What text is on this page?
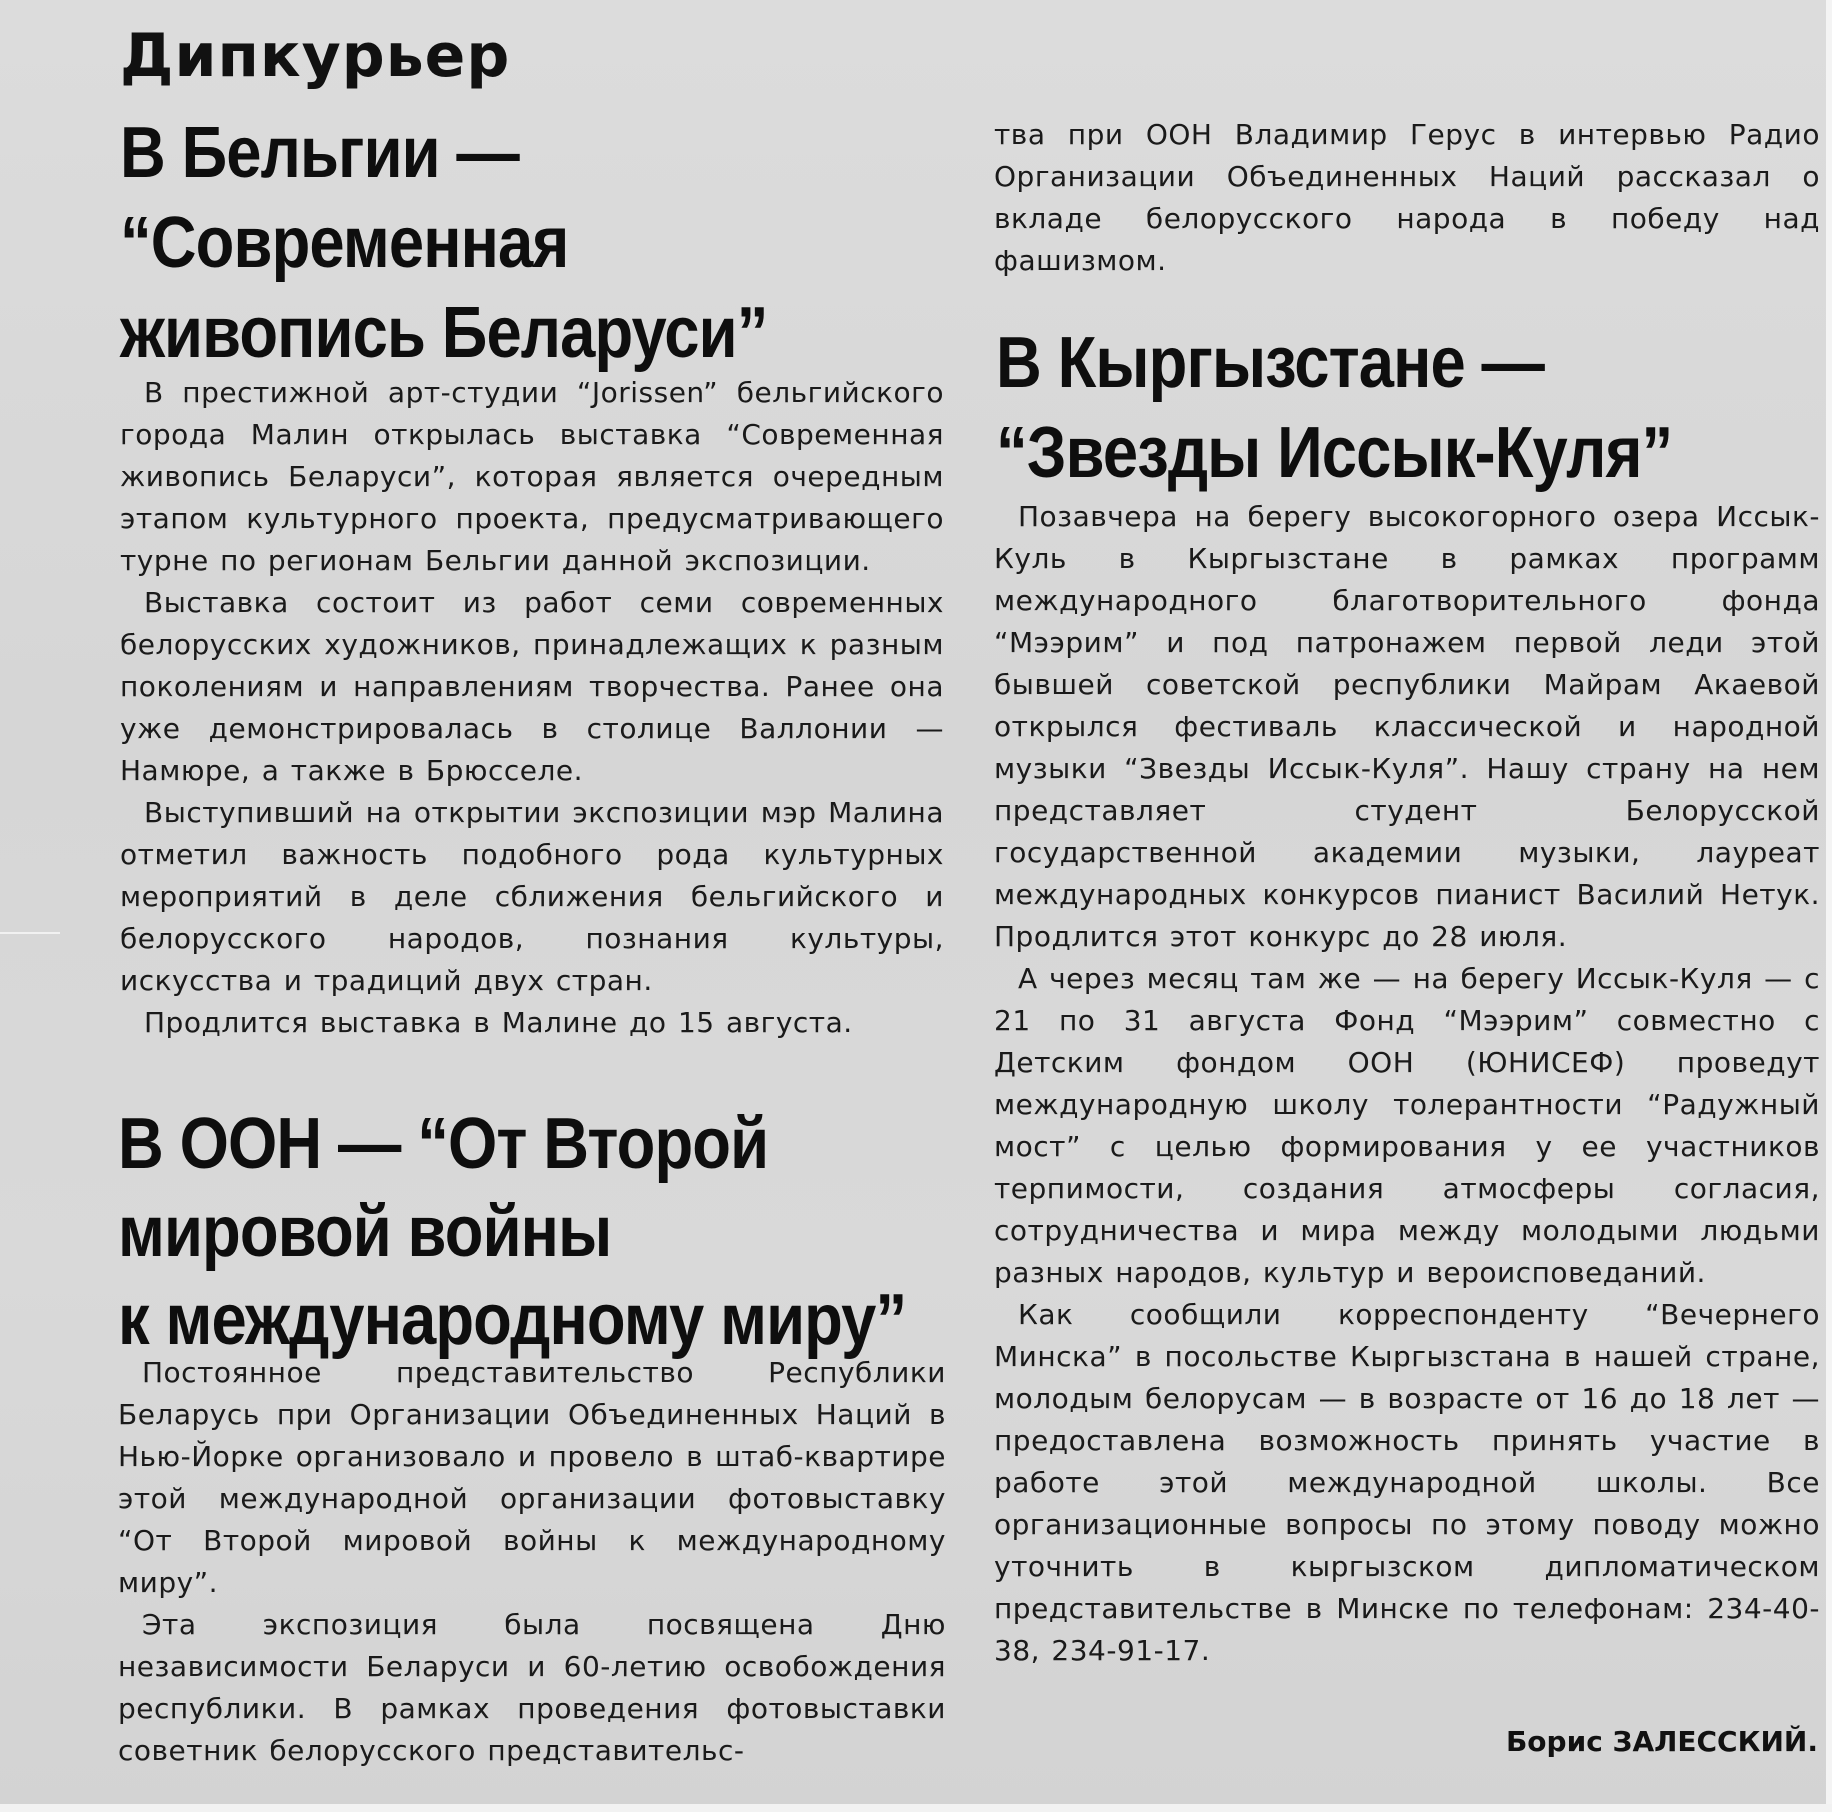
Дипкурьер
В Бельгии —
“Современная
живопись Беларуси”

В престижной арт-студии “Jorissen” бельгийского города Малин открылась выставка “Современная живопись Беларуси”, которая является очередным этапом культурного проекта, предусматривающего турне по регионам Бельгии данной экспозиции.

Выставка состоит из работ семи современных белорусских художников, принадлежащих к разным поколениям и направлениям творчества. Ранее она уже демонстрировалась в столице Валлонии — Намюре, а также в Брюсселе.

Выступивший на открытии экспозиции мэр Малина отметил важность подобного рода культурных мероприятий в деле сближения бельгийского и белорусского народов, познания культуры, искусства и традиций двух стран.

Продлится выставка в Малине до 15 августа.

В ООН — “От Второй
мировой войны
к международному миру”

Постоянное представительство Республики Беларусь при Организации Объединенных Наций в Нью-Йорке организовало и провело в штаб-квартире этой международной организации фотовыставку “От Второй мировой войны к международному миру”.

Эта экспозиция была посвящена Дню независимости Беларуси и 60-летию освобождения республики. В рамках проведения фотовыставки советник белорусского представительс-

тва при ООН Владимир Герус в интервью Радио Организации Объединенных Наций рассказал о вкладе белорусского народа в победу над фашизмом.

В Кыргызстане —
“Звезды Иссык-Куля”

Позавчера на берегу высокогорного озера Иссык-Куль в Кыргызстане в рамках программ международного благотворительного фонда “Мээрим” и под патронажем первой леди этой бывшей советской республики Майрам Акаевой открылся фестиваль классической и народной музыки “Звезды Иссык-Куля”. Нашу страну на нем представляет студент Белорусской государственной академии музыки, лауреат международных конкурсов пианист Василий Нетук. Продлится этот конкурс до 28 июля.

А через месяц там же — на берегу Иссык-Куля — с 21 по 31 августа Фонд “Мээрим” совместно с Детским фондом ООН (ЮНИСЕФ) проведут международную школу толерантности “Радужный мост” с целью формирования у ее участников терпимости, создания атмосферы согласия, сотрудничества и мира между молодыми людьми разных народов, культур и вероисповеданий.

Как сообщили корреспонденту “Вечернего Минска” в посольстве Кыргызстана в нашей стране, молодым белорусам — в возрасте от 16 до 18 лет — предоставлена возможность принять участие в работе этой международной школы. Все организационные вопросы по этому поводу можно уточнить в кыргызском дипломатическом представительстве в Минске по телефонам: 234-40-38, 234-91-17.

Борис ЗАЛЕССКИЙ.
